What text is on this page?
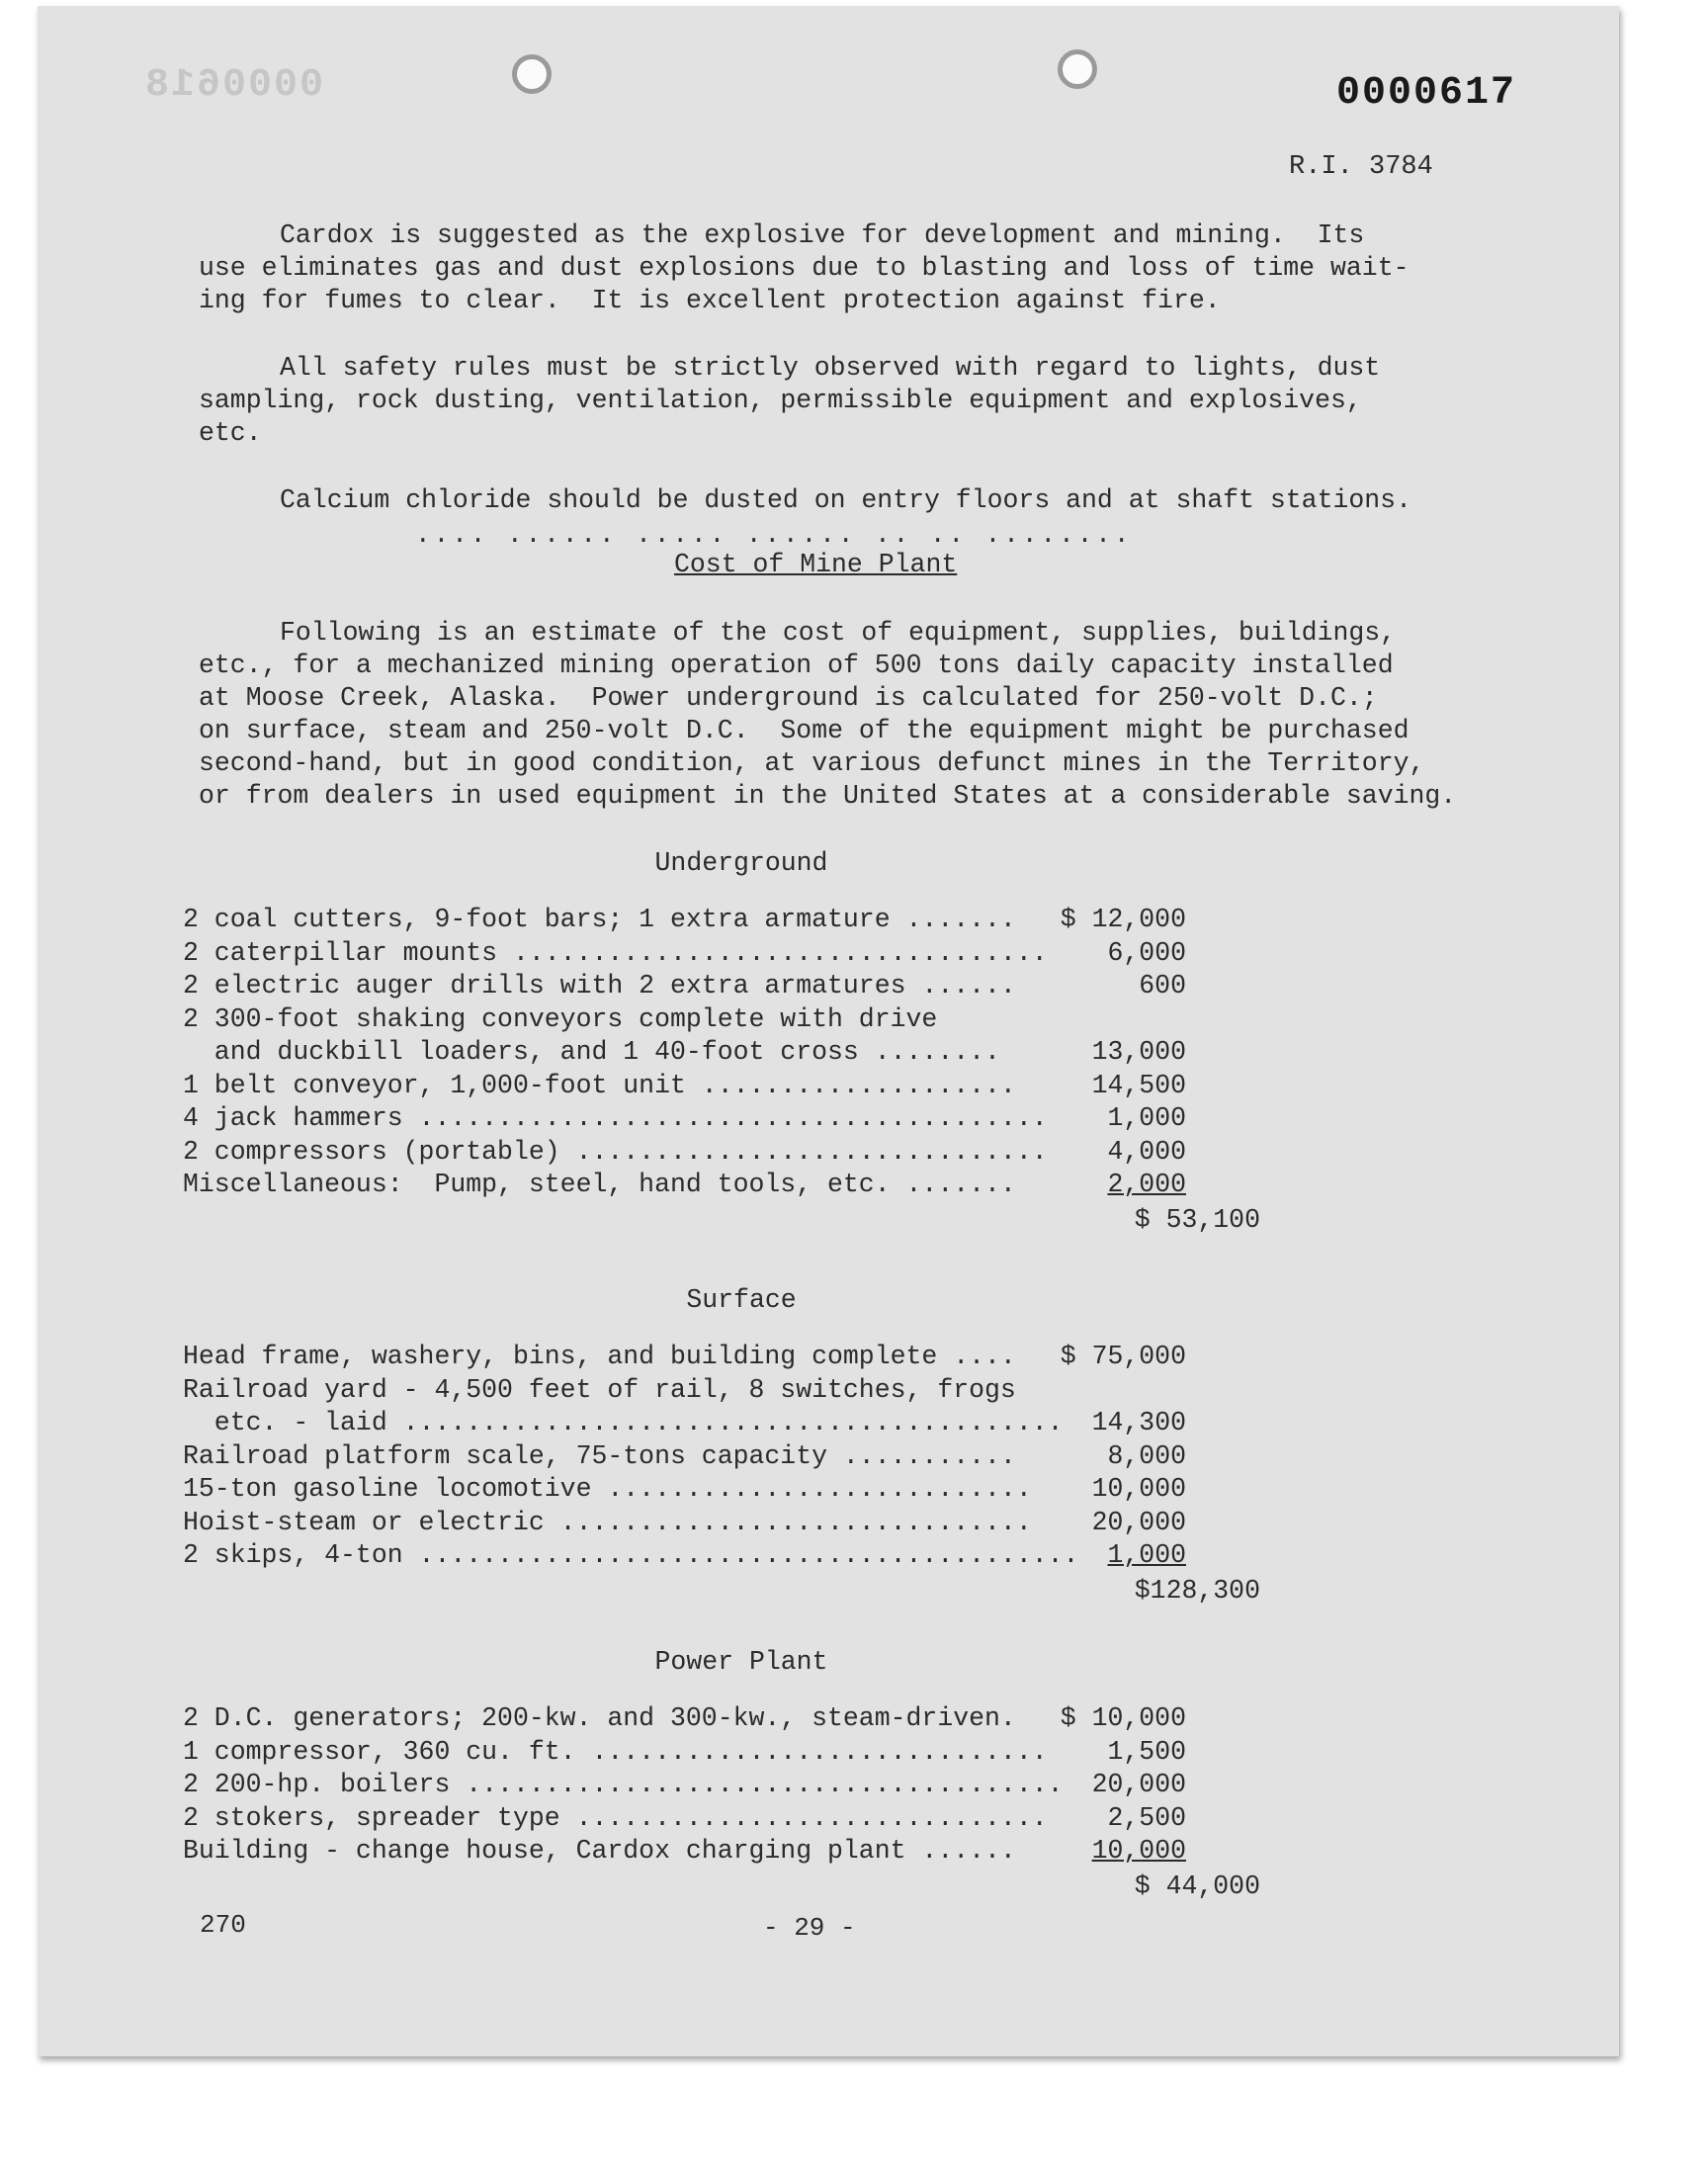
0000618	0000617
R.I. 3784
Cardox is suggested as the explosive for development and mining.  Its
use eliminates gas and dust explosions due to blasting and loss of time wait-
ing for fumes to clear.  It is excellent protection against fire.
All safety rules must be strictly observed with regard to lights, dust
sampling, rock dusting, ventilation, permissible equipment and explosives,
etc.
Calcium chloride should be dusted on entry floors and at shaft stations.
.... ...... ..... ...... .. .. ........
Cost of Mine Plant
Following is an estimate of the cost of equipment, supplies, buildings,
etc., for a mechanized mining operation of 500 tons daily capacity installed
at Moose Creek, Alaska.  Power underground is calculated for 250-volt D.C.;
on surface, steam and 250-volt D.C.  Some of the equipment might be purchased
second-hand, but in good condition, at various defunct mines in the Territory,
or from dealers in used equipment in the United States at a considerable saving.
Underground
2 coal cutters, 9-foot bars; 1 extra armature .......	$ 12,000
2 caterpillar mounts ..................................	6,000
2 electric auger drills with 2 extra armatures ......	600
2 300-foot shaking conveyors complete with drive
and duckbill loaders, and 1 40-foot cross ........	13,000
1 belt conveyor, 1,000-foot unit ....................	14,500
4 jack hammers ........................................	1,000
2 compressors (portable) ..............................	4,000
Miscellaneous:  Pump, steel, hand tools, etc. .......	2,000
$ 53,100
Surface
Head frame, washery, bins, and building complete ....	$ 75,000
Railroad yard - 4,500 feet of rail, 8 switches, frogs
etc. - laid ..........................................	14,300
Railroad platform scale, 75-tons capacity ...........	8,000
15-ton gasoline locomotive ...........................	10,000
Hoist-steam or electric ..............................	20,000
2 skips, 4-ton ..........................................	1,000
$128,300
Power Plant
2 D.C. generators; 200-kw. and 300-kw., steam-driven.	$ 10,000
1 compressor, 360 cu. ft. .............................	1,500
2 200-hp. boilers ......................................	20,000
2 stokers, spreader type ..............................	2,500
Building - change house, Cardox charging plant ......	10,000
$ 44,000
270	- 29 -
